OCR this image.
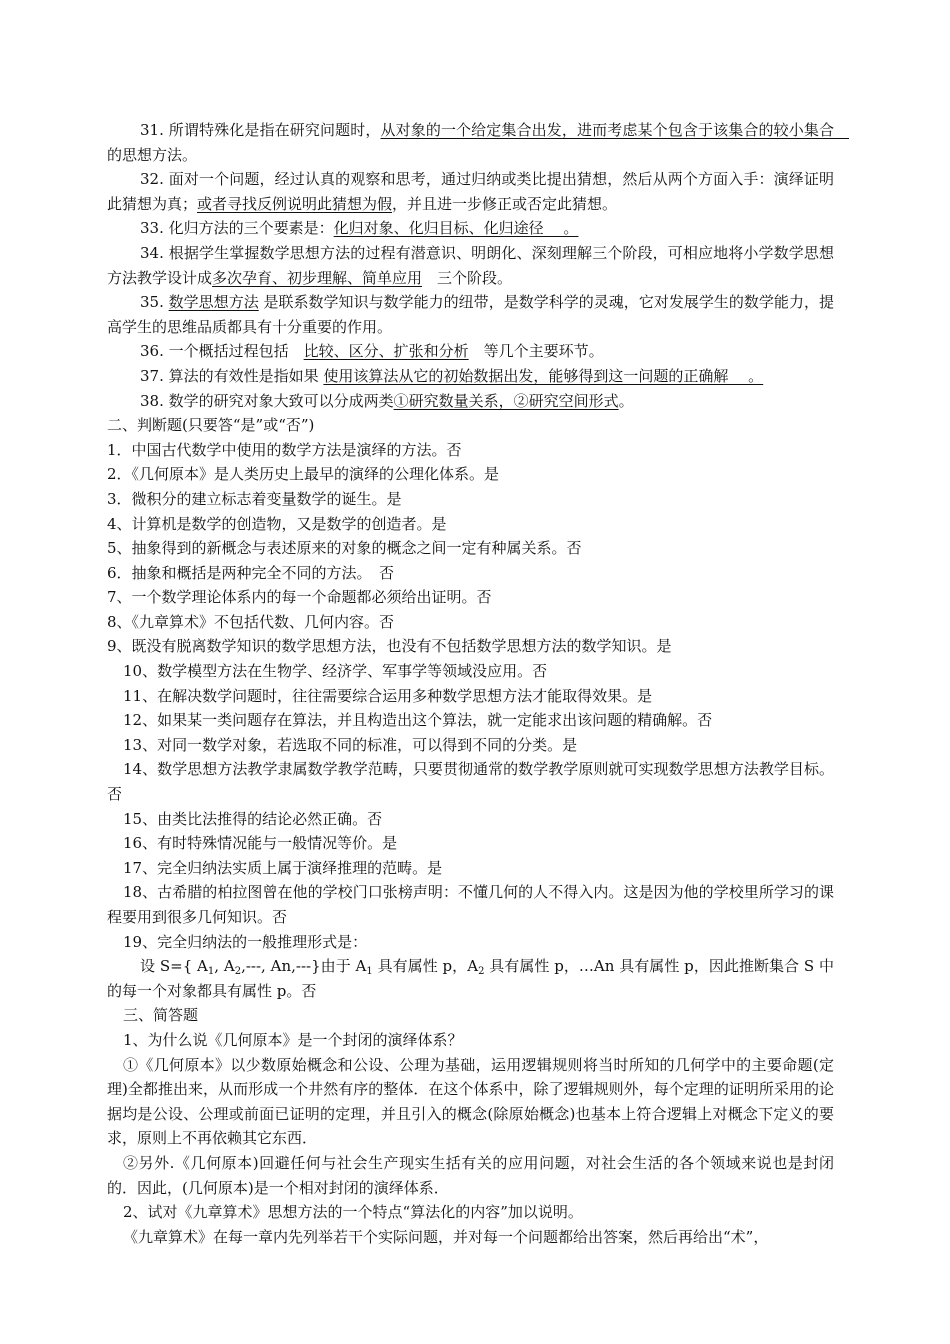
31. 所谓特殊化是指在研究问题时，从对象的一个给定集合出发，进而考虑某个包含于该集合的较小集合　的思想方法。

32. 面对一个问题，经过认真的观察和思考，通过归纳或类比提出猜想，然后从两个方面入手：演绎证明此猜想为真；或者寻找反例说明此猜想为假，并且进一步修正或否定此猜想。

33. 化归方法的三个要素是：化归对象、化归目标、化归途径　 。

34. 根据学生掌握数学思想方法的过程有潜意识、明朗化、深刻理解三个阶段，可相应地将小学数学思想方法教学设计成多次孕育、初步理解、简单应用　三个阶段。

35. 数学思想方法 是联系数学知识与数学能力的纽带，是数学科学的灵魂，它对发展学生的数学能力，提高学生的思维品质都具有十分重要的作用。

36. 一个概括过程包括　比较、区分、扩张和分析　等几个主要环节。

37. 算法的有效性是指如果 使用该算法从它的初始数据出发，能够得到这一问题的正确解　 。

38. 数学的研究对象大致可以分成两类①研究数量关系，②研究空间形式。

二、判断题(只要答“是”或“否”)

1．中国古代数学中使用的数学方法是演绎的方法。否

2．《几何原本》是人类历史上最早的演绎的公理化体系。是

3．微积分的建立标志着变量数学的诞生。是

4、计算机是数学的创造物，又是数学的创造者。是

5、抽象得到的新概念与表述原来的对象的概念之间一定有种属关系。否

6．抽象和概括是两种完全不同的方法。　否

7、一个数学理论体系内的每一个命题都必须给出证明。否

8、《九章算术》不包括代数、几何内容。否

9、既没有脱离数学知识的数学思想方法，也没有不包括数学思想方法的数学知识。是

10、数学模型方法在生物学、经济学、军事学等领域没应用。否

11、在解决数学问题时，往往需要综合运用多种数学思想方法才能取得效果。是

12、如果某一类问题存在算法，并且构造出这个算法，就一定能求出该问题的精确解。否

13、对同一数学对象，若选取不同的标准，可以得到不同的分类。是

14、数学思想方法教学隶属数学教学范畴，只要贯彻通常的数学教学原则就可实现数学思想方法教学目标。否

15、由类比法推得的结论必然正确。否

16、有时特殊情况能与一般情况等价。是

17、完全归纳法实质上属于演绎推理的范畴。是

18、古希腊的柏拉图曾在他的学校门口张榜声明：不懂几何的人不得入内。这是因为他的学校里所学习的课程要用到很多几何知识。否

19、完全归纳法的一般推理形式是：

设 S={ $A_1$, $A_2,---$, An,---}由于 $A_1$ 具有属性 p，$A_2$ 具有属性 p，…An 具有属性 p，因此推断集合 S 中的每一个对象都具有属性 p。否

三、简答题

1、为什么说《几何原本》是一个封闭的演绎体系？

①《几何原本》以少数原始概念和公设、公理为基础，运用逻辑规则将当时所知的几何学中的主要命题(定理)全都推出来，从而形成一个井然有序的整体．在这个体系中，除了逻辑规则外，每个定理的证明所采用的论据均是公设、公理或前面已证明的定理，并且引入的概念(除原始概念)也基本上符合逻辑上对概念下定义的要求，原则上不再依赖其它东西．

②另外.《几何原本)回避任何与社会生产现实生括有关的应用问题，对社会生活的各个领域来说也是封闭的．因此，(几何原本)是一个相对封闭的演绎体系．

2、试对《九章算术》思想方法的一个特点“算法化的内容”加以说明。

《九章算术》在每一章内先列举若干个实际问题，并对每一个问题都给出答案，然后再给出“术”，
